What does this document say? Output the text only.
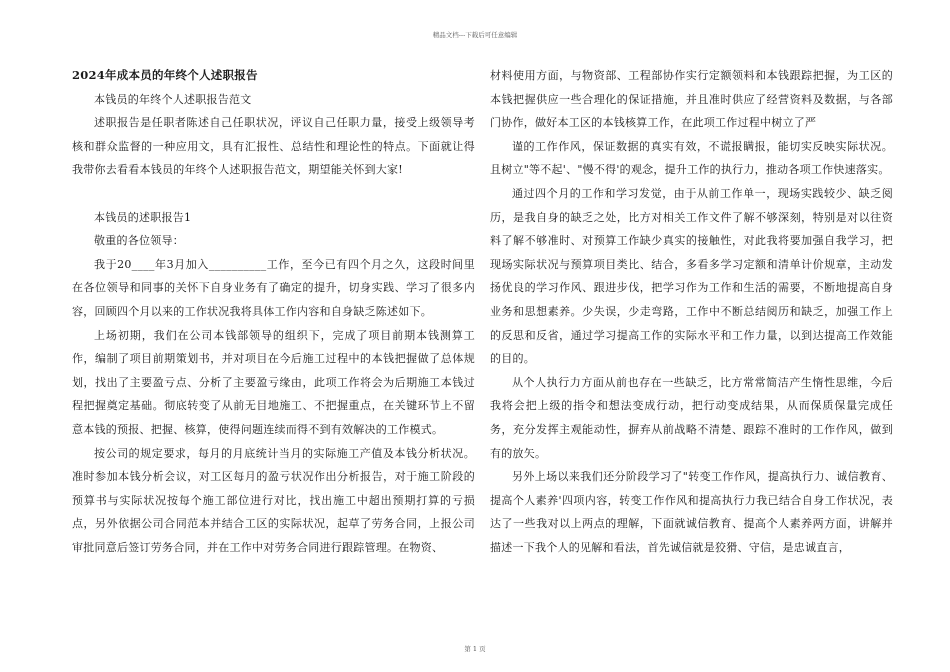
精品文档---下载后可任意编辑

2024年成本员的年终个人述职报告

本钱员的年终个人述职报告范文

述职报告是任职者陈述自己任职状况，评议自己任职力量，接受上级领导考核和群众监督的一种应用文，具有汇报性、总结性和理论性的特点。下面就让得我带你去看看本钱员的年终个人述职报告范文，期望能关怀到大家!

本钱员的述职报告1

敬重的各位领导：

我于20____年3月加入__________工作，至今已有四个月之久，这段时间里在各位领导和同事的关怀下自身业务有了确定的提升，切身实践、学习了很多内容，回顾四个月以来的工作状况我将具体工作内容和自身缺乏陈述如下。

上场初期，我们在公司本钱部领导的组织下，完成了项目前期本钱测算工作，编制了项目前期策划书，并对项目在今后施工过程中的本钱把握做了总体规划，找出了主要盈亏点、分析了主要盈亏缘由，此项工作将会为后期施工本钱过程把握奠定基础。彻底转变了从前无目地施工、不把握重点，在关键环节上不留意本钱的预报、把握、核算，使得问题连续而得不到有效解决的工作模式。

按公司的规定要求，每月的月底统计当月的实际施工产值及本钱分析状况。准时参加本钱分析会议，对工区每月的盈亏状况作出分析报告，对于施工阶段的预算书与实际状况按每个施工部位进行对比，找出施工中超出预期打算的亏损点，另外依据公司合同范本并结合工区的实际状况，起草了劳务合同，上报公司审批同意后签订劳务合同，并在工作中对劳务合同进行跟踪管理。在物资、

材料使用方面，与物资部、工程部协作实行定额领料和本钱跟踪把握，为工区的本钱把握供应一些合理化的保证措施，并且准时供应了经营资料及数据，与各部门协作，做好本工区的本钱核算工作，在此项工作过程中树立了严

谨的工作作风，保证数据的真实有效，不谎报瞒报，能切实反映实际状况。且树立"等不起'、"慢不得'的观念，提升工作的执行力，推动各项工作快速落实。

通过四个月的工作和学习发觉，由于从前工作单一，现场实践较少、缺乏阅历，是我自身的缺乏之处，比方对相关工作文件了解不够深刻，特别是对以往资料了解不够准时、对预算工作缺少真实的接触性，对此我将要加强自我学习，把现场实际状况与预算项目类比、结合，多看多学习定额和清单计价规章，主动发扬优良的学习作风、跟进步伐，把学习作为工作和生活的需要，不断地提高自身业务和思想素养。少失误，少走弯路，工作中不断总结阅历和缺乏，加强工作上的反思和反省，通过学习提高工作的实际水平和工作力量，以到达提高工作效能的目的。

从个人执行力方面从前也存在一些缺乏，比方常常简洁产生惰性思维，今后我将会把上级的指令和想法变成行动，把行动变成结果，从而保质保量完成任务，充分发挥主观能动性，摒弃从前战略不清楚、跟踪不准时的工作作风，做到有的放矢。

另外上场以来我们还分阶段学习了"转变工作作风，提高执行力、诚信教育、提高个人素养'四项内容，转变工作作风和提高执行力我已结合自身工作状况，表达了一些我对以上两点的理解，下面就诚信教育、提高个人素养两方面，讲解并描述一下我个人的见解和看法，首先诚信就是狡猾、守信，是忠诚直言，

第 1 页
